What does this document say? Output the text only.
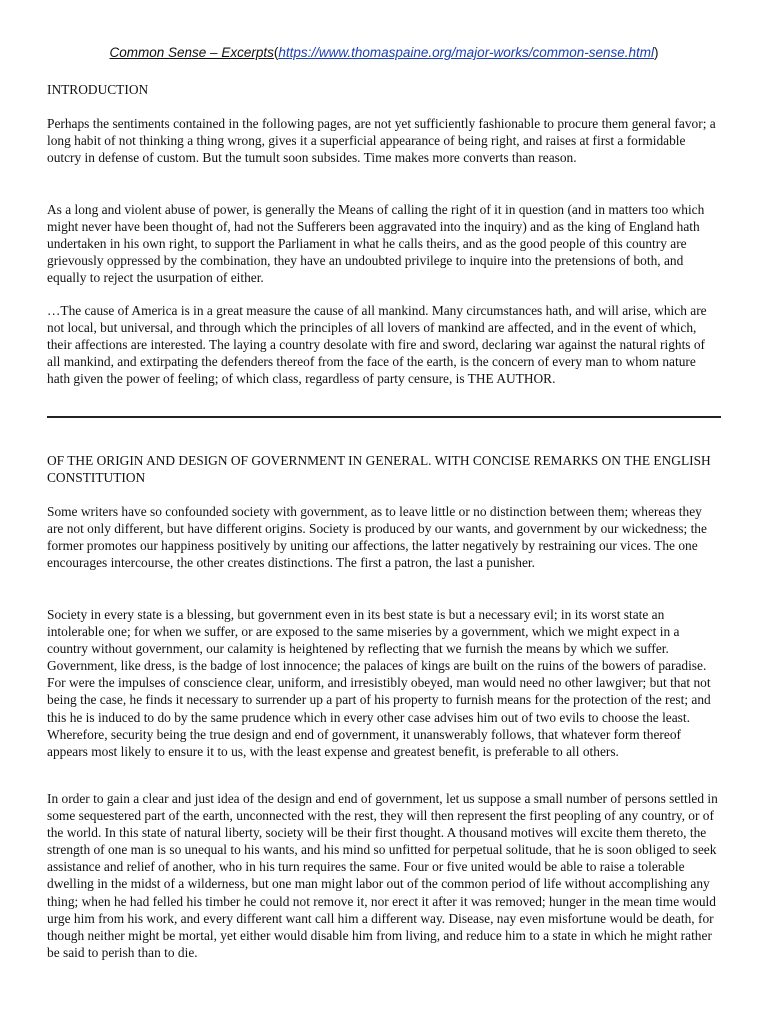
Common Sense – Excerpts(https://www.thomaspaine.org/major-works/common-sense.html)

INTRODUCTION

Perhaps the sentiments contained in the following pages, are not yet sufficiently fashionable to procure them general favor; a long habit of not thinking a thing wrong, gives it a superficial appearance of being right, and raises at first a formidable outcry in defense of custom. But the tumult soon subsides. Time makes more converts than reason.

As a long and violent abuse of power, is generally the Means of calling the right of it in question (and in matters too which might never have been thought of, had not the Sufferers been aggravated into the inquiry) and as the king of England hath undertaken in his own right, to support the Parliament in what he calls theirs, and as the good people of this country are grievously oppressed by the combination, they have an undoubted privilege to inquire into the pretensions of both, and equally to reject the usurpation of either.

…The cause of America is in a great measure the cause of all mankind. Many circumstances hath, and will arise, which are not local, but universal, and through which the principles of all lovers of mankind are affected, and in the event of which, their affections are interested. The laying a country desolate with fire and sword, declaring war against the natural rights of all mankind, and extirpating the defenders thereof from the face of the earth, is the concern of every man to whom nature hath given the power of feeling; of which class, regardless of party censure, is THE AUTHOR.

OF THE ORIGIN AND DESIGN OF GOVERNMENT IN GENERAL. WITH CONCISE REMARKS ON THE ENGLISH CONSTITUTION

Some writers have so confounded society with government, as to leave little or no distinction between them; whereas they are not only different, but have different origins. Society is produced by our wants, and government by our wickedness; the former promotes our happiness positively by uniting our affections, the latter negatively by restraining our vices. The one encourages intercourse, the other creates distinctions. The first a patron, the last a punisher.

Society in every state is a blessing, but government even in its best state is but a necessary evil; in its worst state an intolerable one; for when we suffer, or are exposed to the same miseries by a government, which we might expect in a country without government, our calamity is heightened by reflecting that we furnish the means by which we suffer. Government, like dress, is the badge of lost innocence; the palaces of kings are built on the ruins of the bowers of paradise. For were the impulses of conscience clear, uniform, and irresistibly obeyed, man would need no other lawgiver; but that not being the case, he finds it necessary to surrender up a part of his property to furnish means for the protection of the rest; and this he is induced to do by the same prudence which in every other case advises him out of two evils to choose the least. Wherefore, security being the true design and end of government, it unanswerably follows, that whatever form thereof appears most likely to ensure it to us, with the least expense and greatest benefit, is preferable to all others.

In order to gain a clear and just idea of the design and end of government, let us suppose a small number of persons settled in some sequestered part of the earth, unconnected with the rest, they will then represent the first peopling of any country, or of the world. In this state of natural liberty, society will be their first thought. A thousand motives will excite them thereto, the strength of one man is so unequal to his wants, and his mind so unfitted for perpetual solitude, that he is soon obliged to seek assistance and relief of another, who in his turn requires the same. Four or five united would be able to raise a tolerable dwelling in the midst of a wilderness, but one man might labor out of the common period of life without accomplishing any thing; when he had felled his timber he could not remove it, nor erect it after it was removed; hunger in the mean time would urge him from his work, and every different want call him a different way. Disease, nay even misfortune would be death, for though neither might be mortal, yet either would disable him from living, and reduce him to a state in which he might rather be said to perish than to die.
